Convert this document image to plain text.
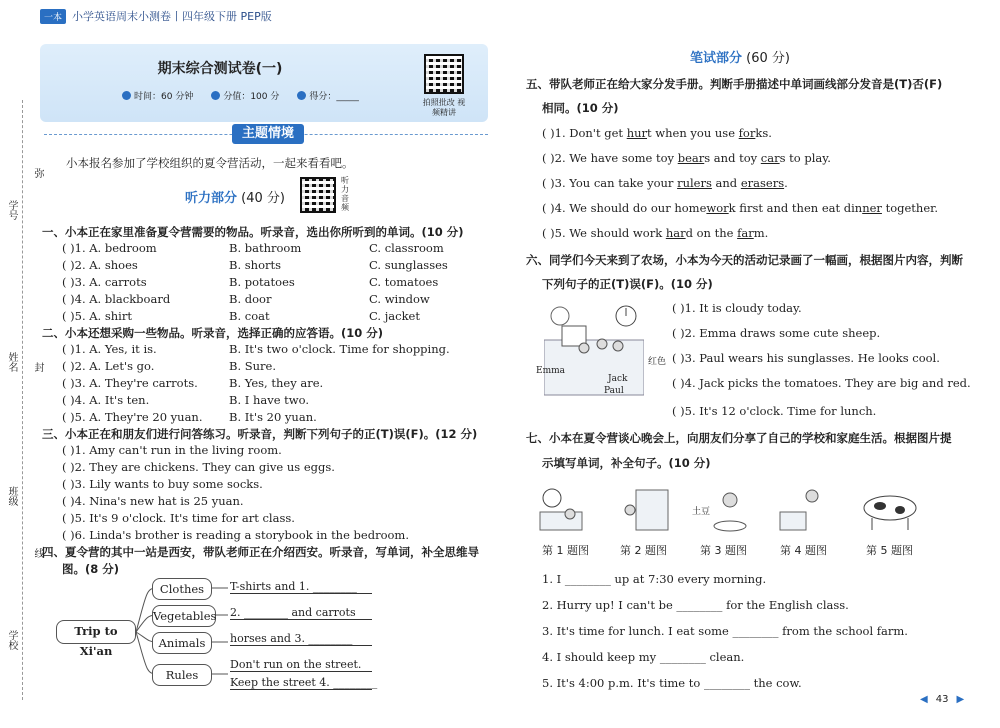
一本 小学英语周末小测卷丨四年级下册 PEP版
学号
弥
姓名 封
班级
线
学校
期末综合测试卷(一)
时间：60 分钟	分值：100 分	得分：_____
拍照批改 视频精讲
主题情境
小本报名参加了学校组织的夏令营活动，一起来看看吧。
听力部分 (40 分)
听力音频
一、小本正在家里准备夏令营需要的物品。听录音，选出你所听到的单词。(10 分)
( )1. A. bedroom	B. bathroom	C. classroom
( )2. A. shoes	B. shorts	C. sunglasses
( )3. A. carrots	B. potatoes	C. tomatoes
( )4. A. blackboard	B. door	C. window
( )5. A. shirt	B. coat	C. jacket
二、小本还想采购一些物品。听录音，选择正确的应答语。(10 分)
( )1. A. Yes, it is.	B. It's two o'clock. Time for shopping.
( )2. A. Let's go.	B. Sure.
( )3. A. They're carrots.	B. Yes, they are.
( )4. A. It's ten.	B. I have two.
( )5. A. They're 20 yuan.	B. It's 20 yuan.
三、小本正在和朋友们进行问答练习。听录音，判断下列句子的正(T)误(F)。(12 分)
( )1. Amy can't run in the living room.
( )2. They are chickens. They can give us eggs.
( )3. Lily wants to buy some socks.
( )4. Nina's new hat is 25 yuan.
( )5. It's 9 o'clock. It's time for art class.
( )6. Linda's brother is reading a storybook in the bedroom.
四、夏令营的其中一站是西安，带队老师正在介绍西安。听录音，写单词，补全思维导
图。(8 分)
Trip to Xi'an
Clothes
Vegetables
Animals
Rules
T-shirts and 1. ________
2. ________ and carrots
horses and 3. ________
Don't run on the street.
Keep the street 4. ________
笔试部分 (60 分)
五、带队老师正在给大家分发手册。判断手册描述中单词画线部分发音是(T)否(F)
相同。(10 分)
( )1. Don't get hurt when you use forks.
( )2. We have some toy bears and toy cars to play.
( )3. You can take your rulers and erasers.
( )4. We should do our homework first and then eat dinner together.
( )5. We should work hard on the farm.
六、同学们今天来到了农场，小本为今天的活动记录画了一幅画，根据图片内容，判断
下列句子的正(T)误(F)。(10 分)
Emma
Jack
Paul
红色
( )1. It is cloudy today.
( )2. Emma draws some cute sheep.
( )3. Paul wears his sunglasses. He looks cool.
( )4. Jack picks the tomatoes. They are big and red.
( )5. It's 12 o'clock. Time for lunch.
七、小本在夏令营谈心晚会上，向朋友们分享了自己的学校和家庭生活。根据图片提
示填写单词，补全句子。(10 分)
土豆
第 1 题图	第 2 题图	第 3 题图	第 4 题图	第 5 题图
1. I ________ up at 7:30 every morning.
2. Hurry up! I can't be ________ for the English class.
3. It's time for lunch. I eat some ________ from the school farm.
4. I should keep my ________ clean.
5. It's 4:00 p.m. It's time to ________ the cow.
◀ 43 ▶
